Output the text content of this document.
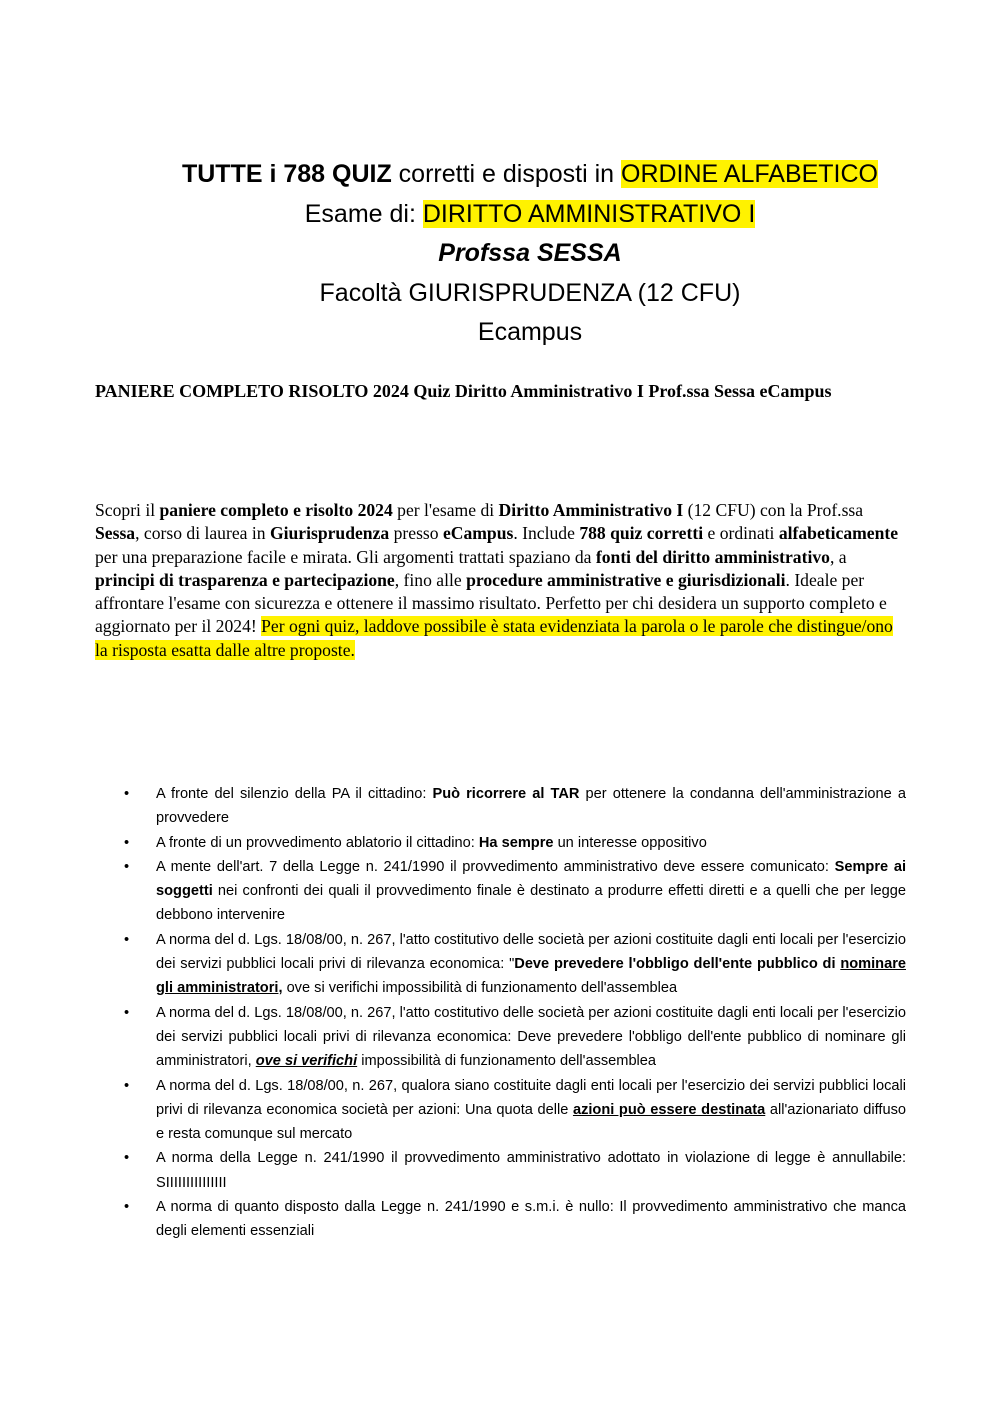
TUTTE i 788 QUIZ corretti e disposti in ORDINE ALFABETICO
Esame di: DIRITTO AMMINISTRATIVO I
Profssa SESSA
Facoltà GIURISPRUDENZA (12 CFU)
Ecampus
PANIERE COMPLETO RISOLTO 2024 Quiz Diritto Amministrativo I Prof.ssa Sessa eCampus
Scopri il paniere completo e risolto 2024 per l'esame di Diritto Amministrativo I (12 CFU) con la Prof.ssa Sessa, corso di laurea in Giurisprudenza presso eCampus. Include 788 quiz corretti e ordinati alfabeticamente per una preparazione facile e mirata. Gli argomenti trattati spaziano da fonti del diritto amministrativo, a principi di trasparenza e partecipazione, fino alle procedure amministrative e giurisdizionali. Ideale per affrontare l'esame con sicurezza e ottenere il massimo risultato. Perfetto per chi desidera un supporto completo e aggiornato per il 2024! Per ogni quiz, laddove possibile è stata evidenziata la parola o le parole che distingue/ono la risposta esatta dalle altre proposte.
• A fronte del silenzio della PA il cittadino: Può ricorrere al TAR per ottenere la condanna dell'amministrazione a provvedere
• A fronte di un provvedimento ablatorio il cittadino: Ha sempre un interesse oppositivo
• A mente dell'art. 7 della Legge n. 241/1990 il provvedimento amministrativo deve essere comunicato: Sempre ai soggetti nei confronti dei quali il provvedimento finale è destinato a produrre effetti diretti e a quelli che per legge debbono intervenire
• A norma del d. Lgs. 18/08/00, n. 267, l'atto costitutivo delle società per azioni costituite dagli enti locali per l'esercizio dei servizi pubblici locali privi di rilevanza economica: "Deve prevedere l'obbligo dell'ente pubblico di nominare gli amministratori, ove si verifichi impossibilità di funzionamento dell'assemblea
• A norma del d. Lgs. 18/08/00, n. 267, l'atto costitutivo delle società per azioni costituite dagli enti locali per l'esercizio dei servizi pubblici locali privi di rilevanza economica: Deve prevedere l'obbligo dell'ente pubblico di nominare gli amministratori, ove si verifichi impossibilità di funzionamento dell'assemblea
• A norma del d. Lgs. 18/08/00, n. 267, qualora siano costituite dagli enti locali per l'esercizio dei servizi pubblici locali privi di rilevanza economica società per azioni: Una quota delle azioni può essere destinata all'azionariato diffuso e resta comunque sul mercato
• A norma della Legge n. 241/1990 il provvedimento amministrativo adottato in violazione di legge è annullabile: SIIIIIIIIIIIIIII
• A norma di quanto disposto dalla Legge n. 241/1990 e s.m.i. è nullo: Il provvedimento amministrativo che manca degli elementi essenziali
